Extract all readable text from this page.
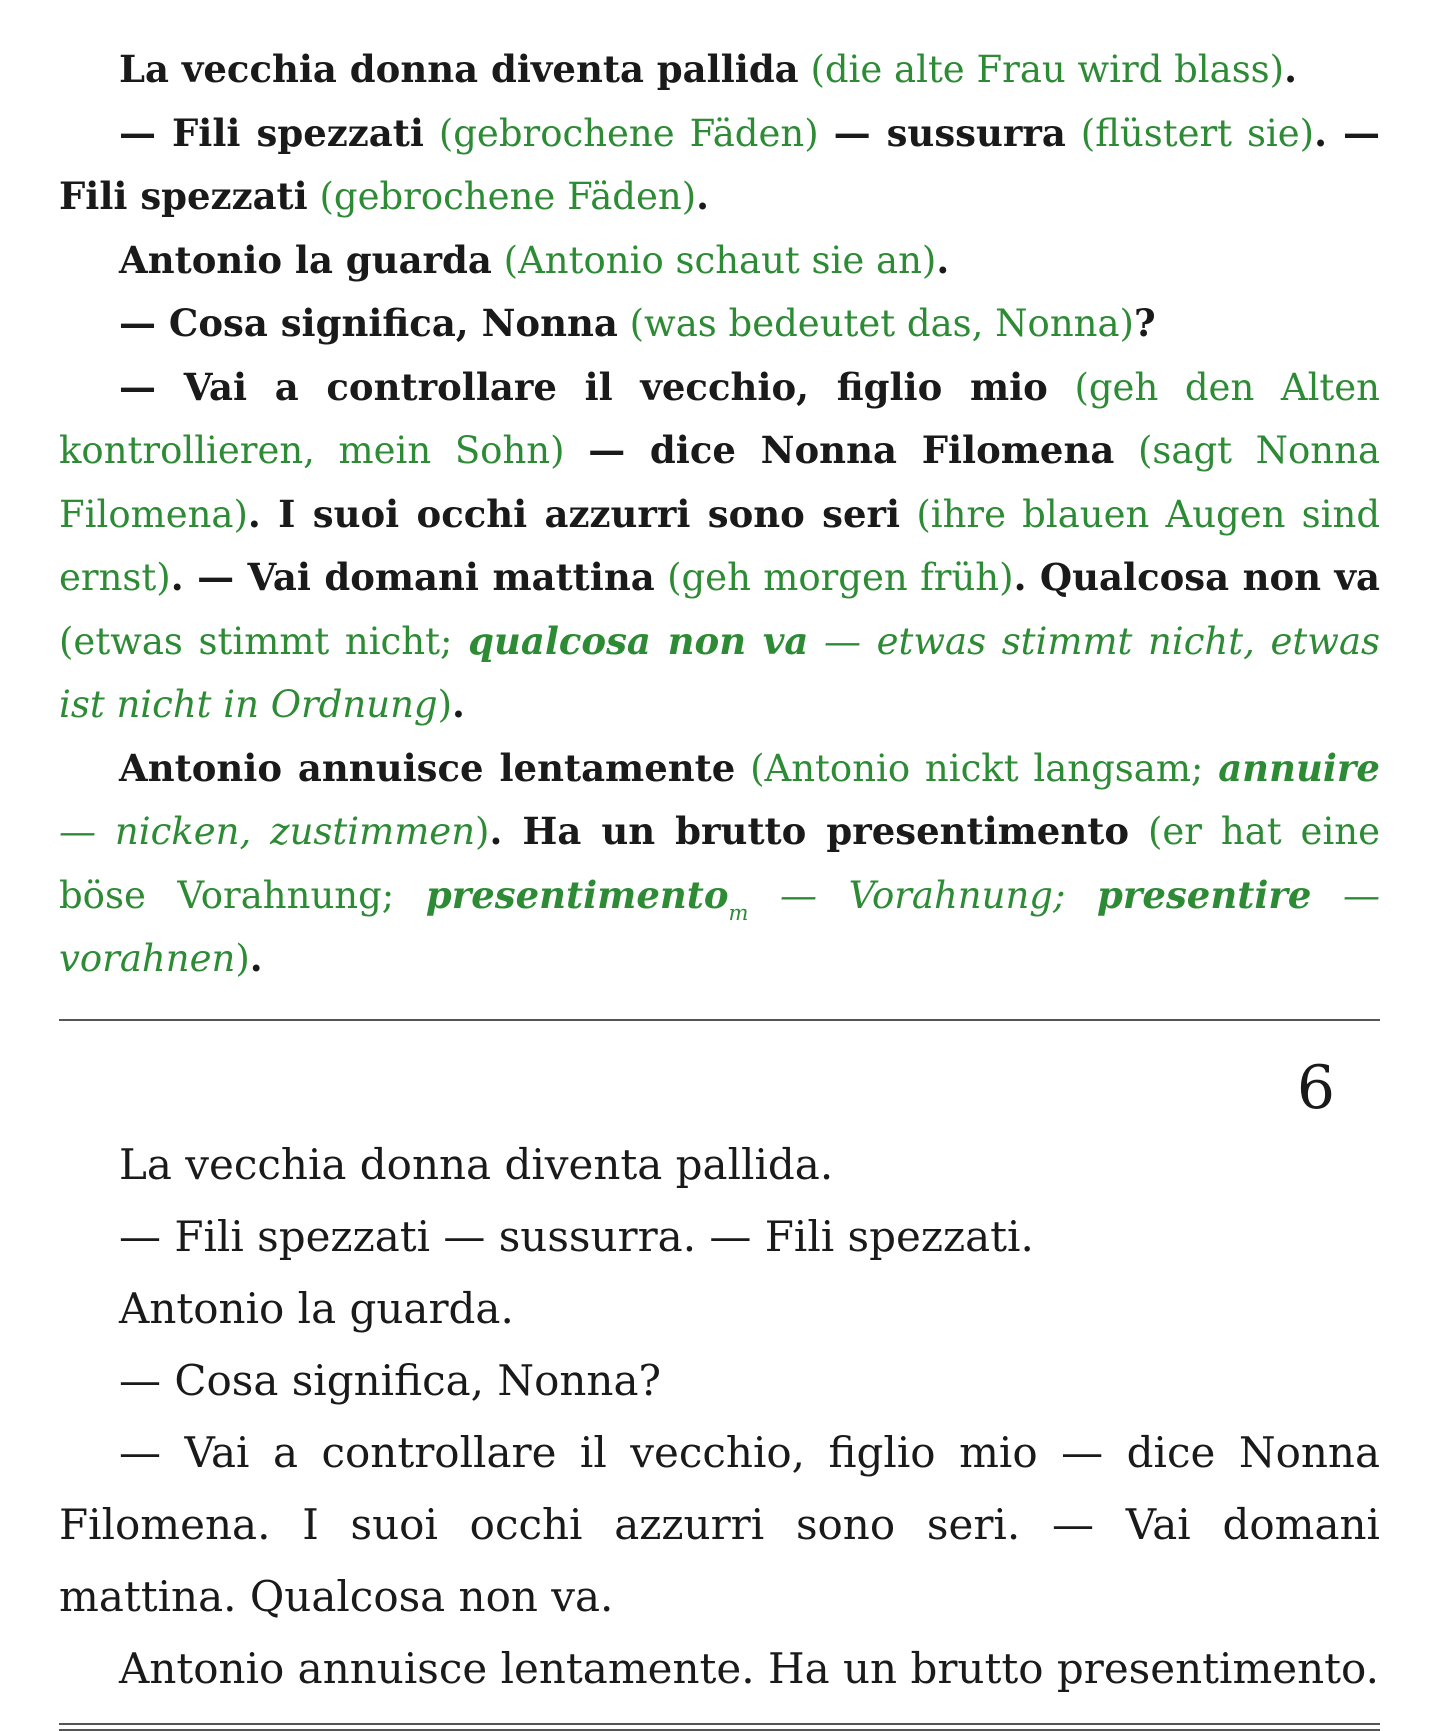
La vecchia donna diventa pallida (die alte Frau wird blass).

— Fili spezzati (gebrochene Fäden) — sussurra (flüstert sie). — Fili spezzati (gebrochene Fäden).

Antonio la guarda (Antonio schaut sie an).

— Cosa significa, Nonna (was bedeutet das, Nonna)?

— Vai a controllare il vecchio, figlio mio (geh den Alten kontrollieren, mein Sohn) — dice Nonna Filomena (sagt Nonna Filomena). I suoi occhi azzurri sono seri (ihre blauen Augen sind ernst). — Vai domani mattina (geh morgen früh). Qualcosa non va (etwas stimmt nicht; qualcosa non va — etwas stimmt nicht, etwas ist nicht in Ordnung).

Antonio annuisce lentamente (Antonio nickt langsam; annuire — nicken, zustimmen). Ha un brutto presentimento (er hat eine böse Vorahnung; presentimento$_m$ — Vorahnung; presentire — vorahnen).

6

La vecchia donna diventa pallida.

— Fili spezzati — sussurra. — Fili spezzati.

Antonio la guarda.

— Cosa significa, Nonna?

— Vai a controllare il vecchio, figlio mio — dice Nonna Filomena. I suoi occhi azzurri sono seri. — Vai domani mattina. Qualcosa non va.

Antonio annuisce lentamente. Ha un brutto presentimento.
